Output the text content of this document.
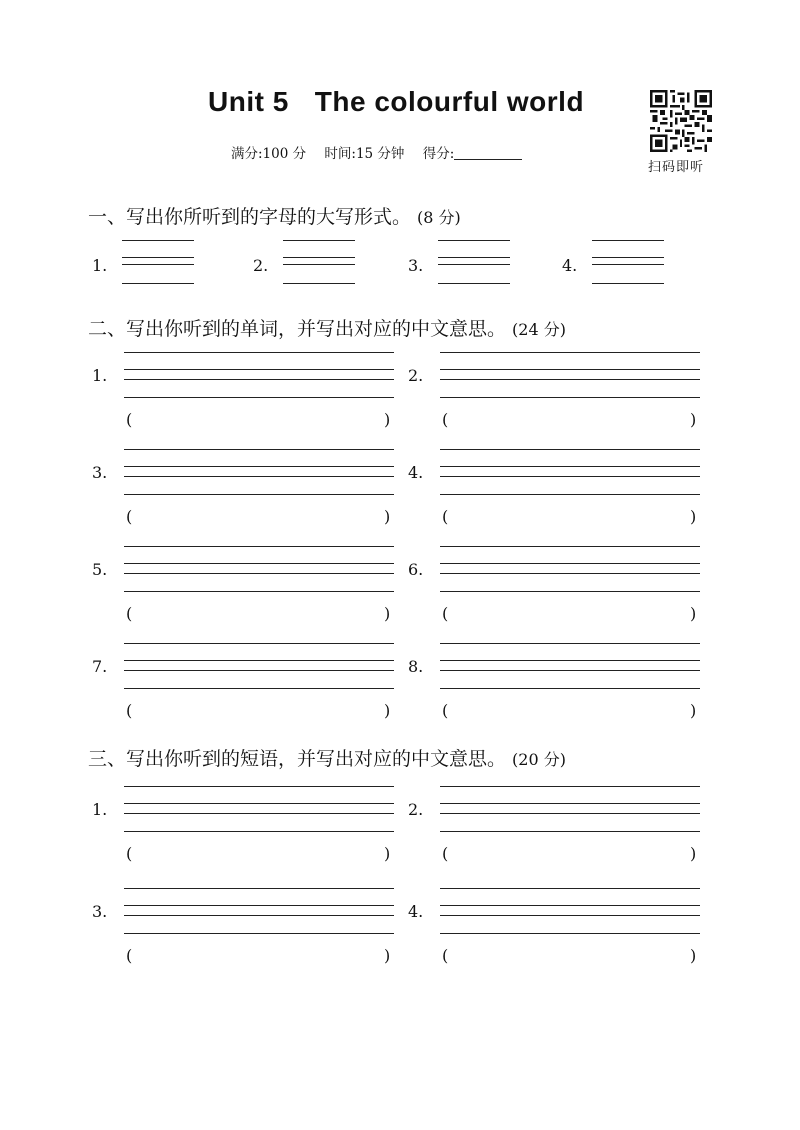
Unit 5 The colourful world
满分:100 分 时间:15 分钟 得分:
扫码即听
一、写出你所听到的字母的大写形式。 (8 分)
二、写出你听到的单词，并写出对应的中文意思。 (24 分)
三、写出你听到的短语，并写出对应的中文意思。 (20 分)
1.	2.	3.	4.
1.
(	)
2.
(	)
3.
(	)
4.
(	)
5.
(	)
6.
(	)
7.
(	)
8.
(	)
1.
(	)
2.
(	)
3.
(	)
4.
(	)
